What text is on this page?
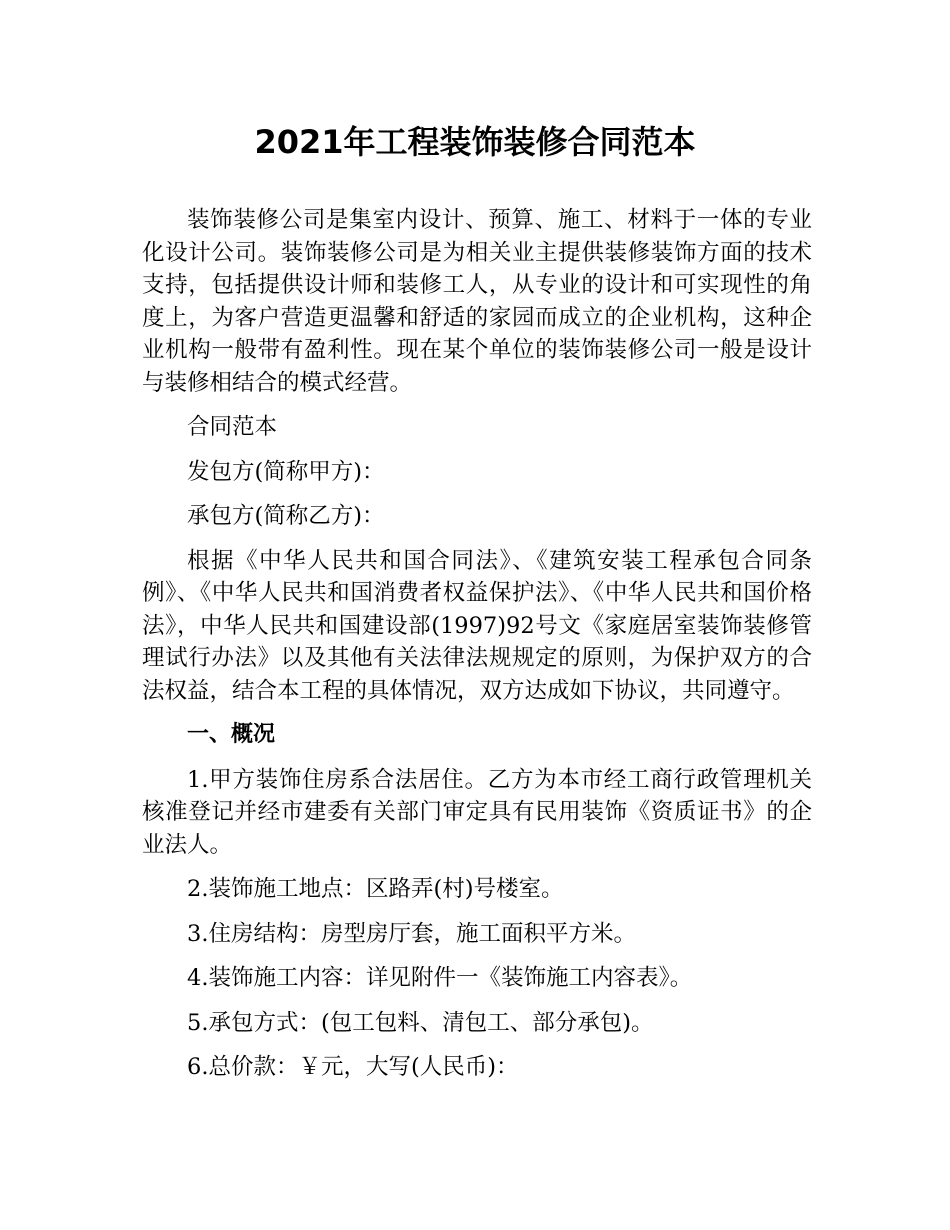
2021年工程装饰装修合同范本

装饰装修公司是集室内设计、预算、施工、材料于一体的专业化设计公司。装饰装修公司是为相关业主提供装修装饰方面的技术支持，包括提供设计师和装修工人，从专业的设计和可实现性的角度上，为客户营造更温馨和舒适的家园而成立的企业机构，这种企业机构一般带有盈利性。现在某个单位的装饰装修公司一般是设计与装修相结合的模式经营。

合同范本

发包方(简称甲方)：

承包方(简称乙方)：

根据《中华人民共和国合同法》、《建筑安装工程承包合同条例》、《中华人民共和国消费者权益保护法》、《中华人民共和国价格法》，中华人民共和国建设部(1997)92号文《家庭居室装饰装修管理试行办法》以及其他有关法律法规规定的原则，为保护双方的合法权益，结合本工程的具体情况，双方达成如下协议，共同遵守。

一、概况

1.甲方装饰住房系合法居住。乙方为本市经工商行政管理机关核准登记并经市建委有关部门审定具有民用装饰《资质证书》的企业法人。

2.装饰施工地点：区路弄(村)号楼室。

3.住房结构：房型房厅套，施工面积平方米。

4.装饰施工内容：详见附件一《装饰施工内容表》。

5.承包方式：(包工包料、清包工、部分承包)。

6.总价款：￥元，大写(人民币)：
